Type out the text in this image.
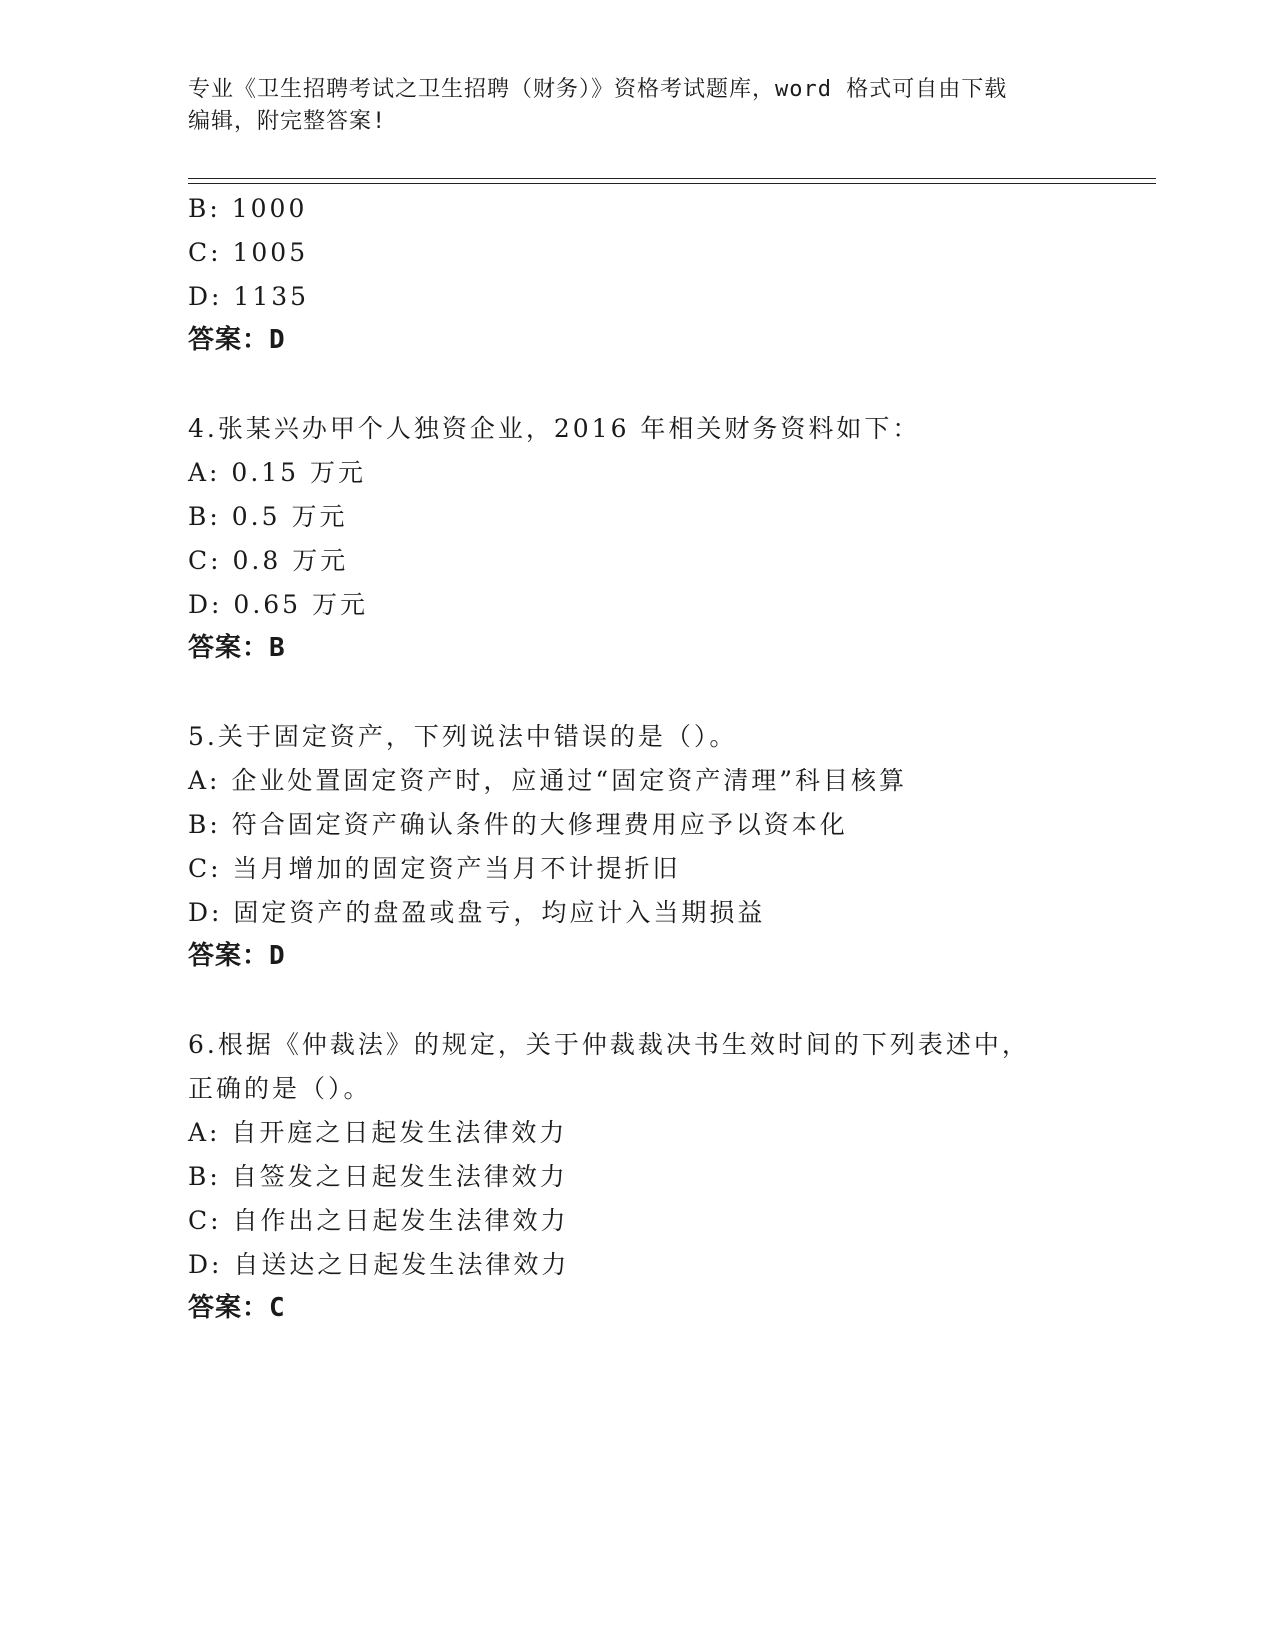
专业《卫生招聘考试之卫生招聘（财务）》资格考试题库，word 格式可自由下载
编辑，附完整答案!
B: 1000
C: 1005
D: 1135
答案：D
4.张某兴办甲个人独资企业，2016 年相关财务资料如下：
A: 0.15 万元
B: 0.5 万元
C: 0.8 万元
D: 0.65 万元
答案：B
5.关于固定资产，下列说法中错误的是（）。
A: 企业处置固定资产时，应通过“固定资产清理”科目核算
B: 符合固定资产确认条件的大修理费用应予以资本化
C: 当月增加的固定资产当月不计提折旧
D: 固定资产的盘盈或盘亏，均应计入当期损益
答案：D
6.根据《仲裁法》的规定，关于仲裁裁决书生效时间的下列表述中，
正确的是（）。
A: 自开庭之日起发生法律效力
B: 自签发之日起发生法律效力
C: 自作出之日起发生法律效力
D: 自送达之日起发生法律效力
答案：C
